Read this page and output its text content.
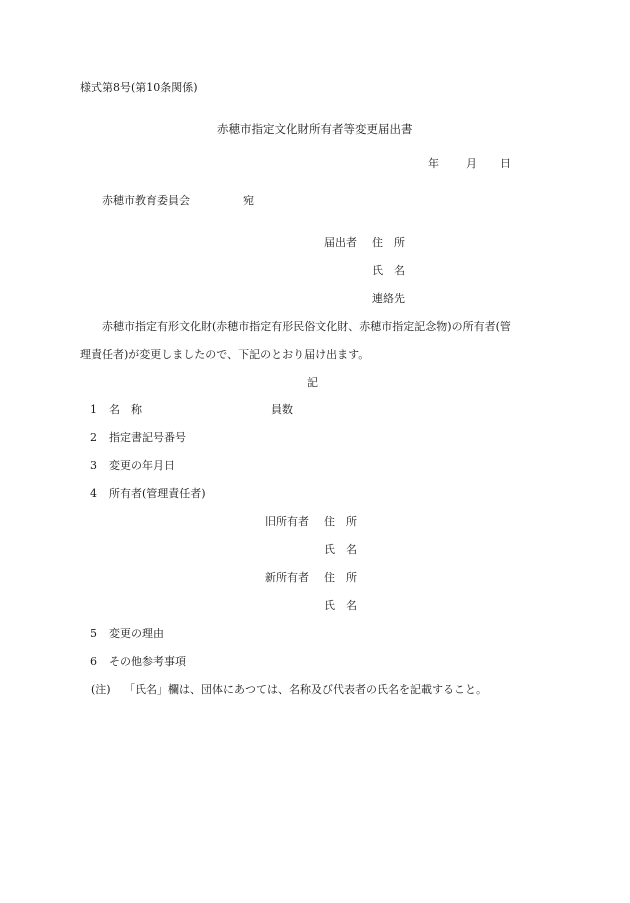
様式第8号(第10条関係)
赤穂市指定文化財所有者等変更届出書
年 月 日
赤穂市教育委員会	宛
届出者 住　所
氏　名
連絡先
赤穂市指定有形文化財(赤穂市指定有形民俗文化財、赤穂市指定記念物)の所有者(管
理責任者)が変更しましたので、下記のとおり届け出ます。
記
1 名　称	員数
2 指定書記号番号
3 変更の年月日
4 所有者(管理責任者)
旧所有者 住　所
氏　名
新所有者 住　所
氏　名
5 変更の理由
6 その他参考事項
(注) 「氏名」欄は、団体にあつては、名称及び代表者の氏名を記載すること。
